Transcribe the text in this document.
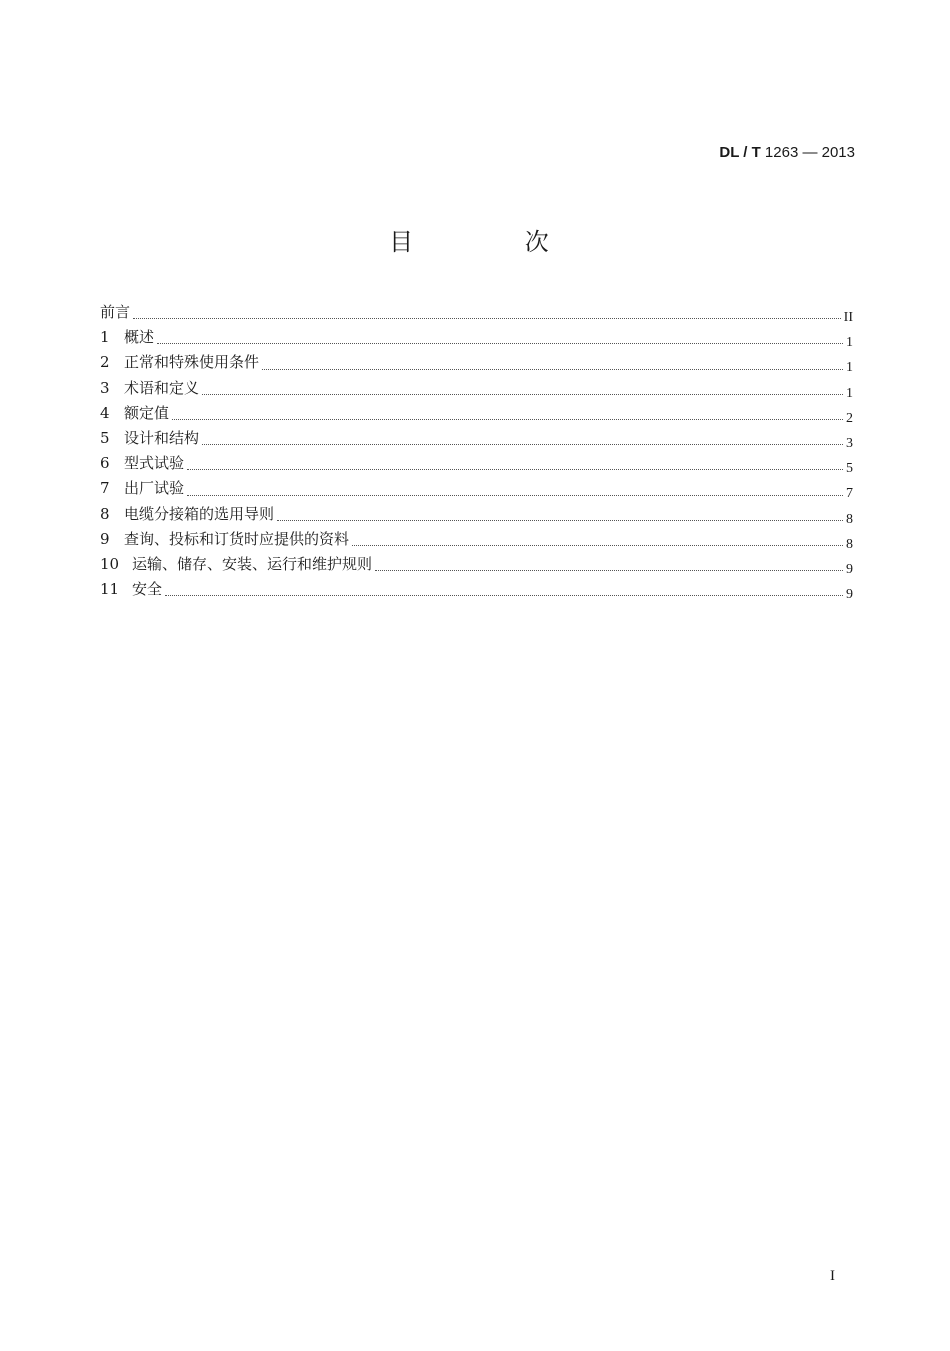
DL / T 1263 — 2013
目 次
前言	II
1 概述	1
2 正常和特殊使用条件	1
3 术语和定义	1
4 额定值	2
5 设计和结构	3
6 型式试验	5
7 出厂试验	7
8 电缆分接箱的选用导则	8
9 查询、投标和订货时应提供的资料	8
10 运输、储存、安装、运行和维护规则	9
11 安全	9
I
